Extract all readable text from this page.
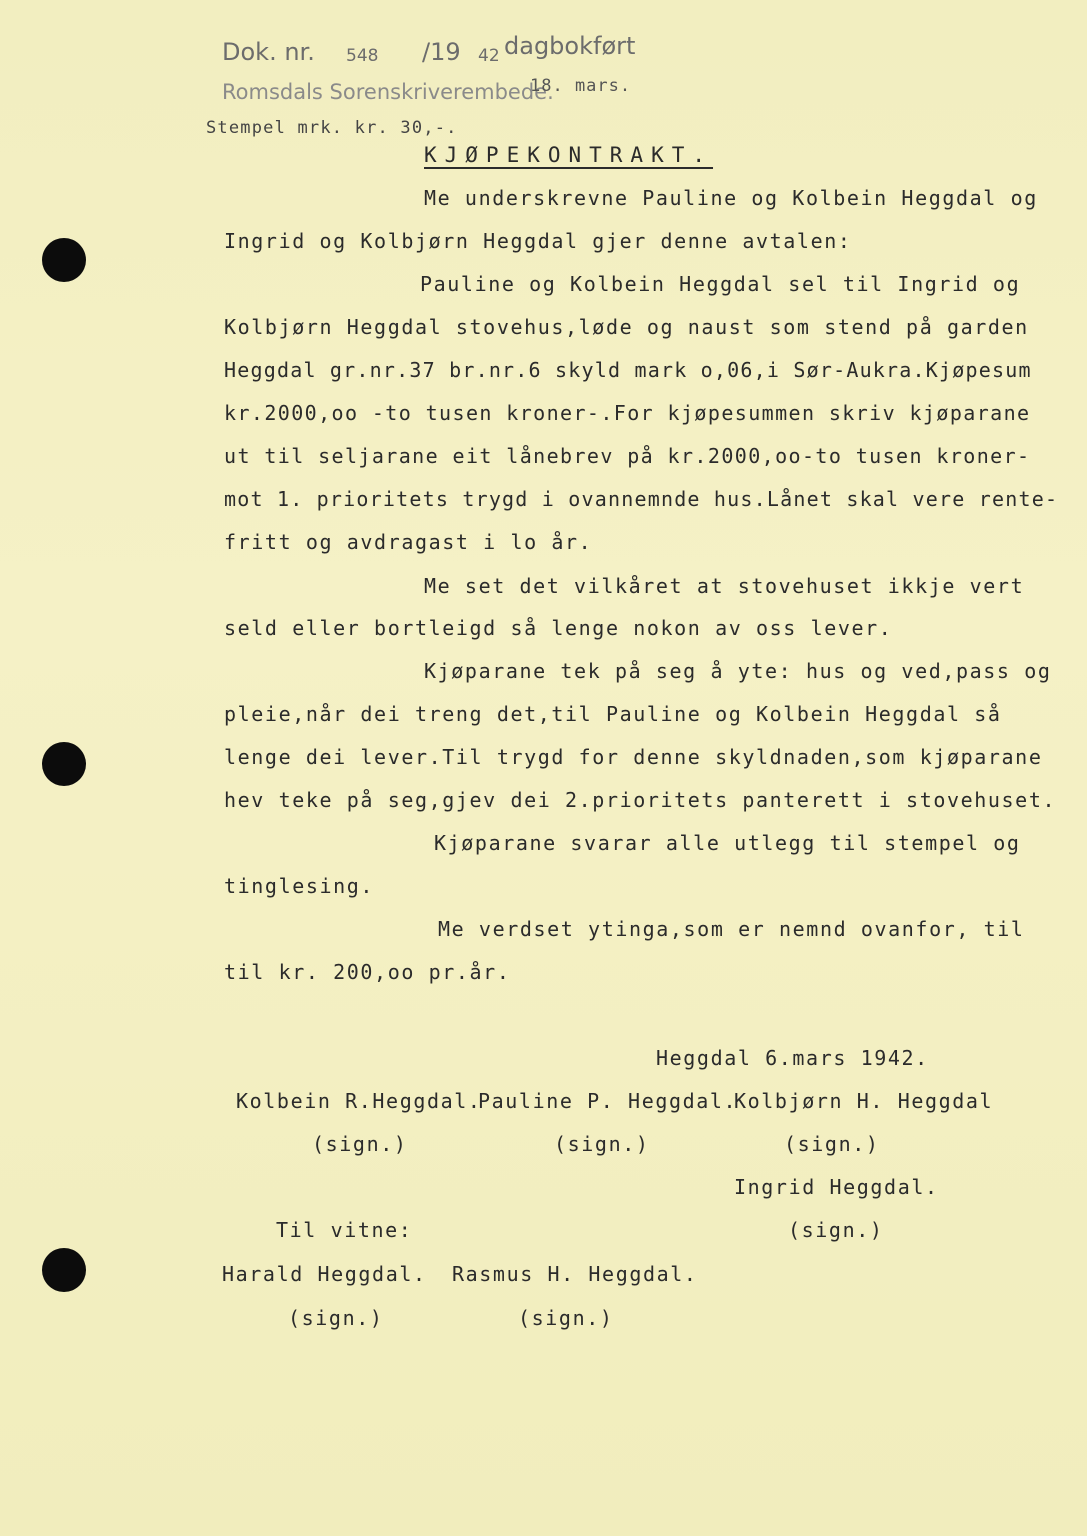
Dok. nr. 548 /19 42 dagbokført
Romsdals Sorenskriverembede.
18. mars.
Stempel mrk. kr. 30,-.
KJØPEKONTRAKT.
Me underskrevne Pauline og Kolbein Heggdal og
Ingrid og Kolbjørn Heggdal gjer denne avtalen:
Pauline og Kolbein Heggdal sel til Ingrid og
Kolbjørn Heggdal stovehus,løde og naust som stend på garden
Heggdal gr.nr.37 br.nr.6 skyld mark o,06,i Sør-Aukra.Kjøpesum
kr.2000,oo -to tusen kroner-.For kjøpesummen skriv kjøparane
ut til seljarane eit lånebrev på kr.2000,oo-to tusen kroner-
mot 1. prioritets trygd i ovannemnde hus.Lånet skal vere rente-
fritt og avdragast i lo år.
Me set det vilkåret at stovehuset ikkje vert
seld eller bortleigd så lenge nokon av oss lever.
Kjøparane tek på seg å yte: hus og ved,pass og
pleie,når dei treng det,til Pauline og Kolbein Heggdal så
lenge dei lever.Til trygd for denne skyldnaden,som kjøparane
hev teke på seg,gjev dei 2.prioritets panterett i stovehuset.
Kjøparane svarar alle utlegg til stempel og
tinglesing.
Me verdset ytinga,som er nemnd ovanfor, til
til kr. 200,oo pr.år.
Heggdal 6.mars 1942.
Kolbein R.Heggdal.
(sign.)
Pauline P. Heggdal.
(sign.)
Kolbjørn H. Heggdal
(sign.)
Ingrid Heggdal.
(sign.)
Til vitne:
Harald Heggdal.
(sign.)
Rasmus H. Heggdal.
(sign.)
